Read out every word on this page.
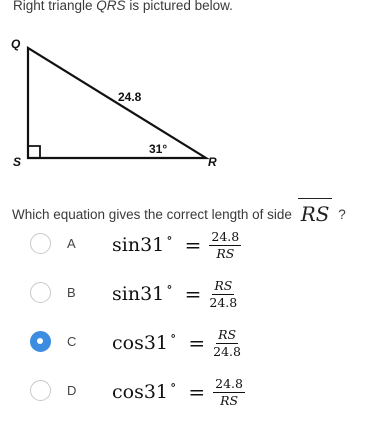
Right triangle QRS is pictured below.
Q
S	R
24.8
31°
Which equation gives the correct length of side RS ?
A sin31 ∘ = $\frac{24.8}{RS}$
B sin31 ∘ = $\frac{RS}{24.8}$
C cos31 ∘ = $\frac{RS}{24.8}$
D cos31 ∘ = $\frac{24.8}{RS}$
